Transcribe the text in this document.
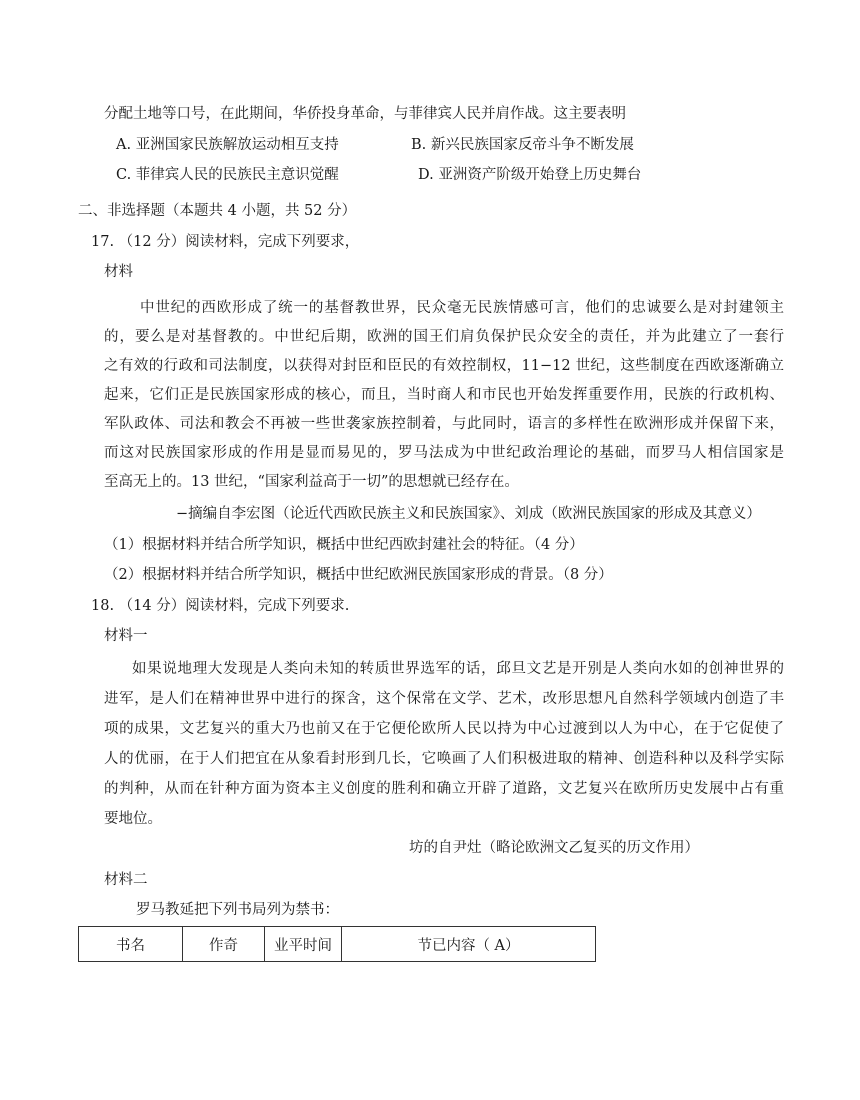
分配土地等口号，在此期间，华侨投身革命，与菲律宾人民并肩作战。这主要表明
A. 亚洲国家民族解放运动相互支持	B. 新兴民族国家反帝斗争不断发展
C. 菲律宾人民的民族民主意识觉醒	D. 亚洲资产阶级开始登上历史舞台
二、非选择题（本题共 4 小题，共 52 分）
17. （12 分）阅读材料，完成下列要求，
材料
中世纪的西欧形成了统一的基督教世界，民众毫无民族情感可言，他们的忠诚要么是对封建领主
的，要么是对基督教的。中世纪后期，欧洲的国王们肩负保护民众安全的责任，并为此建立了一套行
之有效的行政和司法制度，以获得对封臣和臣民的有效控制权，11−12 世纪，这些制度在西欧逐渐确立
起来，它们正是民族国家形成的核心，而且，当时商人和市民也开始发挥重要作用，民族的行政机构、
军队政体、司法和教会不再被一些世袭家族控制着，与此同时，语言的多样性在欧洲形成并保留下来，
而这对民族国家形成的作用是显而易见的，罗马法成为中世纪政治理论的基础，而罗马人相信国家是
至高无上的。13 世纪，“国家利益高于一切”的思想就已经存在。
−摘编自李宏图（论近代西欧民族主义和民族国家》、刘成（欧洲民族国家的形成及其意义）
（1）根据材料并结合所学知识，概括中世纪西欧封建社会的特征。（4 分）
（2）根据材料并结合所学知识，概括中世纪欧洲民族国家形成的背景。（8 分）
18. （14 分）阅读材料，完成下列要求.
材料一
如果说地理大发现是人类向未知的转质世界选军的话，邱旦文艺是开别是人类向水如的创神世界的
进军，是人们在精神世界中进行的探含，这个保常在文学、艺术，改形思想凡自然科学领域内创造了丰
项的成果，文艺复兴的重大乃也前又在于它便伦欧所人民以持为中心过渡到以人为中心，在于它促使了
人的优丽，在于人们把宜在从象看封形到几长，它唤画了人们积极进取的精神、创造科种以及科学实际
的判种，从而在针种方面为资本主义创度的胜利和确立开辟了道路，文艺复兴在欧所历史发展中占有重
要地位。
坊的自尹灶（略论欧洲文乙复买的历文作用）
材料二
罗马教延把下列书局列为禁书：
书名	作奇	业平时间	节已内容（ A）
